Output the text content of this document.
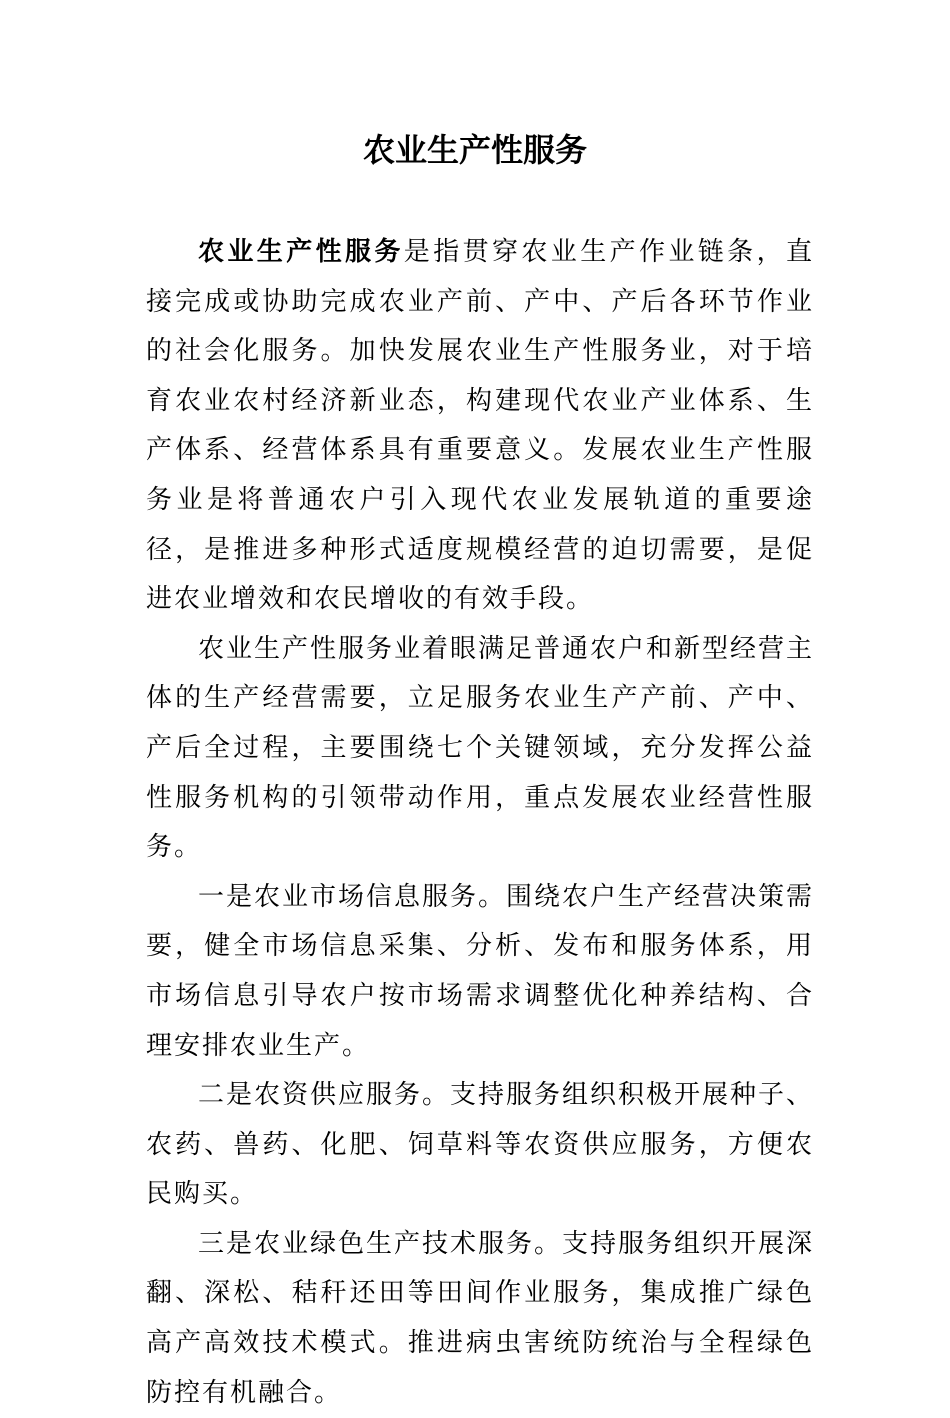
农业生产性服务

农业生产性服务是指贯穿农业生产作业链条，直接完成或协助完成农业产前、产中、产后各环节作业的社会化服务。加快发展农业生产性服务业，对于培育农业农村经济新业态，构建现代农业产业体系、生产体系、经营体系具有重要意义。发展农业生产性服务业是将普通农户引入现代农业发展轨道的重要途径，是推进多种形式适度规模经营的迫切需要，是促进农业增效和农民增收的有效手段。

农业生产性服务业着眼满足普通农户和新型经营主体的生产经营需要，立足服务农业生产产前、产中、产后全过程，主要围绕七个关键领域，充分发挥公益性服务机构的引领带动作用，重点发展农业经营性服务。

一是农业市场信息服务。围绕农户生产经营决策需要，健全市场信息采集、分析、发布和服务体系，用市场信息引导农户按市场需求调整优化种养结构、合理安排农业生产。

二是农资供应服务。支持服务组织积极开展种子、农药、兽药、化肥、饲草料等农资供应服务，方便农民购买。

三是农业绿色生产技术服务。支持服务组织开展深翻、深松、秸秆还田等田间作业服务，集成推广绿色高产高效技术模式。推进病虫害统防统治与全程绿色防控有机融合。
